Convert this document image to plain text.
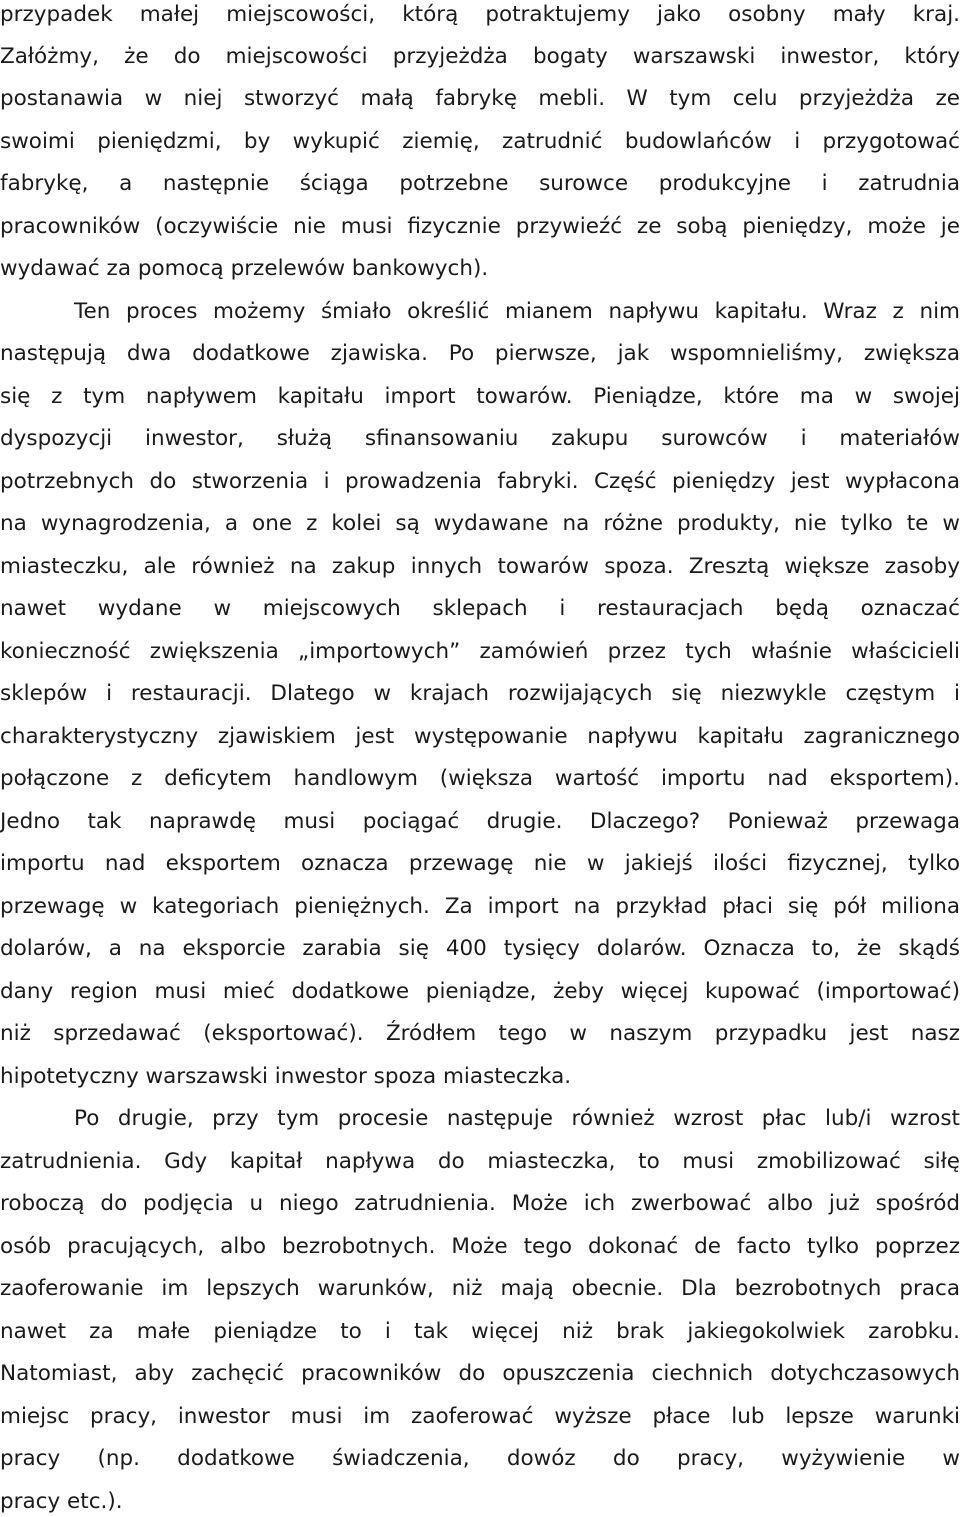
przypadek małej miejscowości, którą potraktujemy jako osobny mały kraj.
Załóżmy, że do miejscowości przyjeżdża bogaty warszawski inwestor, który
postanawia w niej stworzyć małą fabrykę mebli. W tym celu przyjeżdża ze
swoimi pieniędzmi, by wykupić ziemię, zatrudnić budowlańców i przygotować
fabrykę, a następnie ściąga potrzebne surowce produkcyjne i zatrudnia
pracowników (oczywiście nie musi fizycznie przywieźć ze sobą pieniędzy, może je
wydawać za pomocą przelewów bankowych).
Ten proces możemy śmiało określić mianem napływu kapitału. Wraz z nim
następują dwa dodatkowe zjawiska. Po pierwsze, jak wspomnieliśmy, zwiększa
się z tym napływem kapitału import towarów. Pieniądze, które ma w swojej
dyspozycji inwestor, służą sfinansowaniu zakupu surowców i materiałów
potrzebnych do stworzenia i prowadzenia fabryki. Część pieniędzy jest wypłacona
na wynagrodzenia, a one z kolei są wydawane na różne produkty, nie tylko te w
miasteczku, ale również na zakup innych towarów spoza. Zresztą większe zasoby
nawet wydane w miejscowych sklepach i restauracjach będą oznaczać
konieczność zwiększenia „importowych” zamówień przez tych właśnie właścicieli
sklepów i restauracji. Dlatego w krajach rozwijających się niezwykle częstym i
charakterystyczny zjawiskiem jest występowanie napływu kapitału zagranicznego
połączone z deficytem handlowym (większa wartość importu nad eksportem).
Jedno tak naprawdę musi pociągać drugie. Dlaczego? Ponieważ przewaga
importu nad eksportem oznacza przewagę nie w jakiejś ilości fizycznej, tylko
przewagę w kategoriach pieniężnych. Za import na przykład płaci się pół miliona
dolarów, a na eksporcie zarabia się 400 tysięcy dolarów. Oznacza to, że skądś
dany region musi mieć dodatkowe pieniądze, żeby więcej kupować (importować)
niż sprzedawać (eksportować). Źródłem tego w naszym przypadku jest nasz
hipotetyczny warszawski inwestor spoza miasteczka.
Po drugie, przy tym procesie następuje również wzrost płac lub/i wzrost
zatrudnienia. Gdy kapitał napływa do miasteczka, to musi zmobilizować siłę
roboczą do podjęcia u niego zatrudnienia. Może ich zwerbować albo już spośród
osób pracujących, albo bezrobotnych. Może tego dokonać de facto tylko poprzez
zaoferowanie im lepszych warunków, niż mają obecnie. Dla bezrobotnych praca
nawet za małe pieniądze to i tak więcej niż brak jakiegokolwiek zarobku.
Natomiast, aby zachęcić pracowników do opuszczenia ciechnich dotychczasowych
miejsc pracy, inwestor musi im zaoferować wyższe płace lub lepsze warunki
pracy (np. dodatkowe świadczenia, dowóz do pracy, wyżywienie w
pracy etc.).
